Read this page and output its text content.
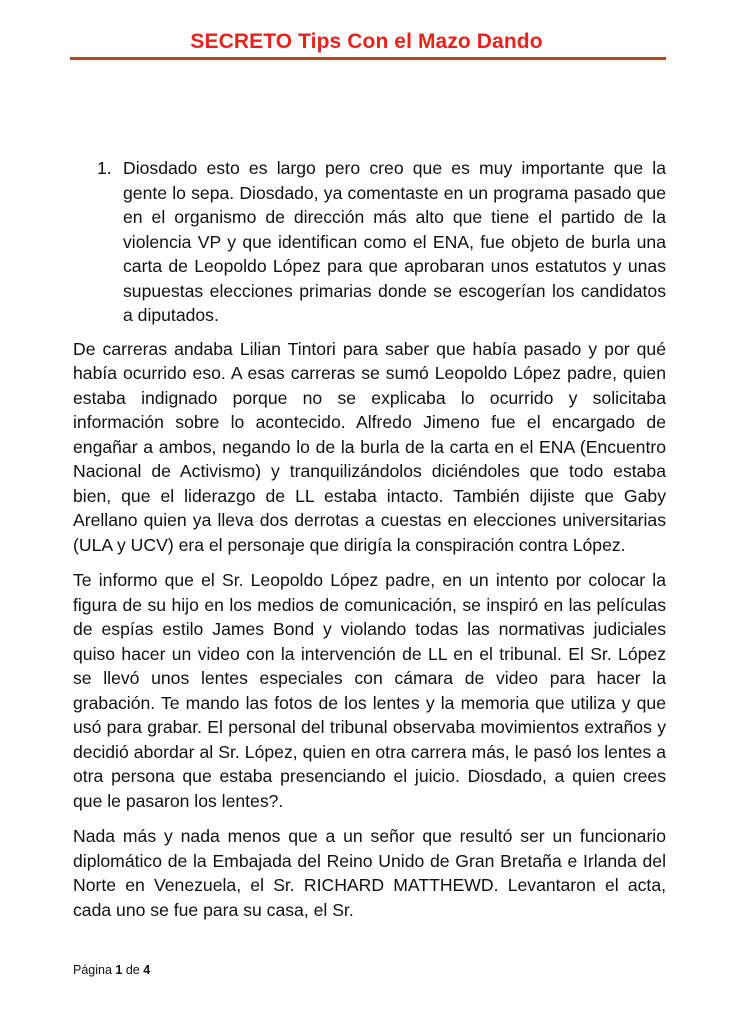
SECRETO Tips Con el Mazo Dando
1. Diosdado esto es largo pero creo que es muy importante que la gente lo sepa. Diosdado, ya comentaste en un programa pasado que en el organismo de dirección más alto que tiene el partido de la violencia VP y que identifican como el ENA, fue objeto de burla una carta de Leopoldo López para que aprobaran unos estatutos y unas supuestas elecciones primarias donde se escogerían los candidatos a diputados.

De carreras andaba Lilian Tintori para saber que había pasado y por qué había ocurrido eso. A esas carreras se sumó Leopoldo López padre, quien estaba indignado porque no se explicaba lo ocurrido y solicitaba información sobre lo acontecido. Alfredo Jimeno fue el encargado de engañar a ambos, negando lo de la burla de la carta en el ENA (Encuentro Nacional de Activismo) y tranquilizándolos diciéndoles que todo estaba bien, que el liderazgo de LL estaba intacto. También dijiste que Gaby Arellano quien ya lleva dos derrotas a cuestas en elecciones universitarias (ULA y UCV) era el personaje que dirigía la conspiración contra López.

Te informo que el Sr. Leopoldo López padre, en un intento por colocar la figura de su hijo en los medios de comunicación, se inspiró en las películas de espías estilo James Bond y violando todas las normativas judiciales quiso hacer un video con la intervención de LL en el tribunal. El Sr. López se llevó unos lentes especiales con cámara de video para hacer la grabación. Te mando las fotos de los lentes y la memoria que utiliza y que usó para grabar. El personal del tribunal observaba movimientos extraños y decidió abordar al Sr. López, quien en otra carrera más, le pasó los lentes a otra persona que estaba presenciando el juicio. Diosdado, a quien crees que le pasaron los lentes?.

Nada más y nada menos que a un señor que resultó ser un funcionario diplomático de la Embajada del Reino Unido de Gran Bretaña e Irlanda del Norte en Venezuela, el Sr. RICHARD MATTHEWD. Levantaron el acta, cada uno se fue para su casa, el Sr.

Página 1 de 4
